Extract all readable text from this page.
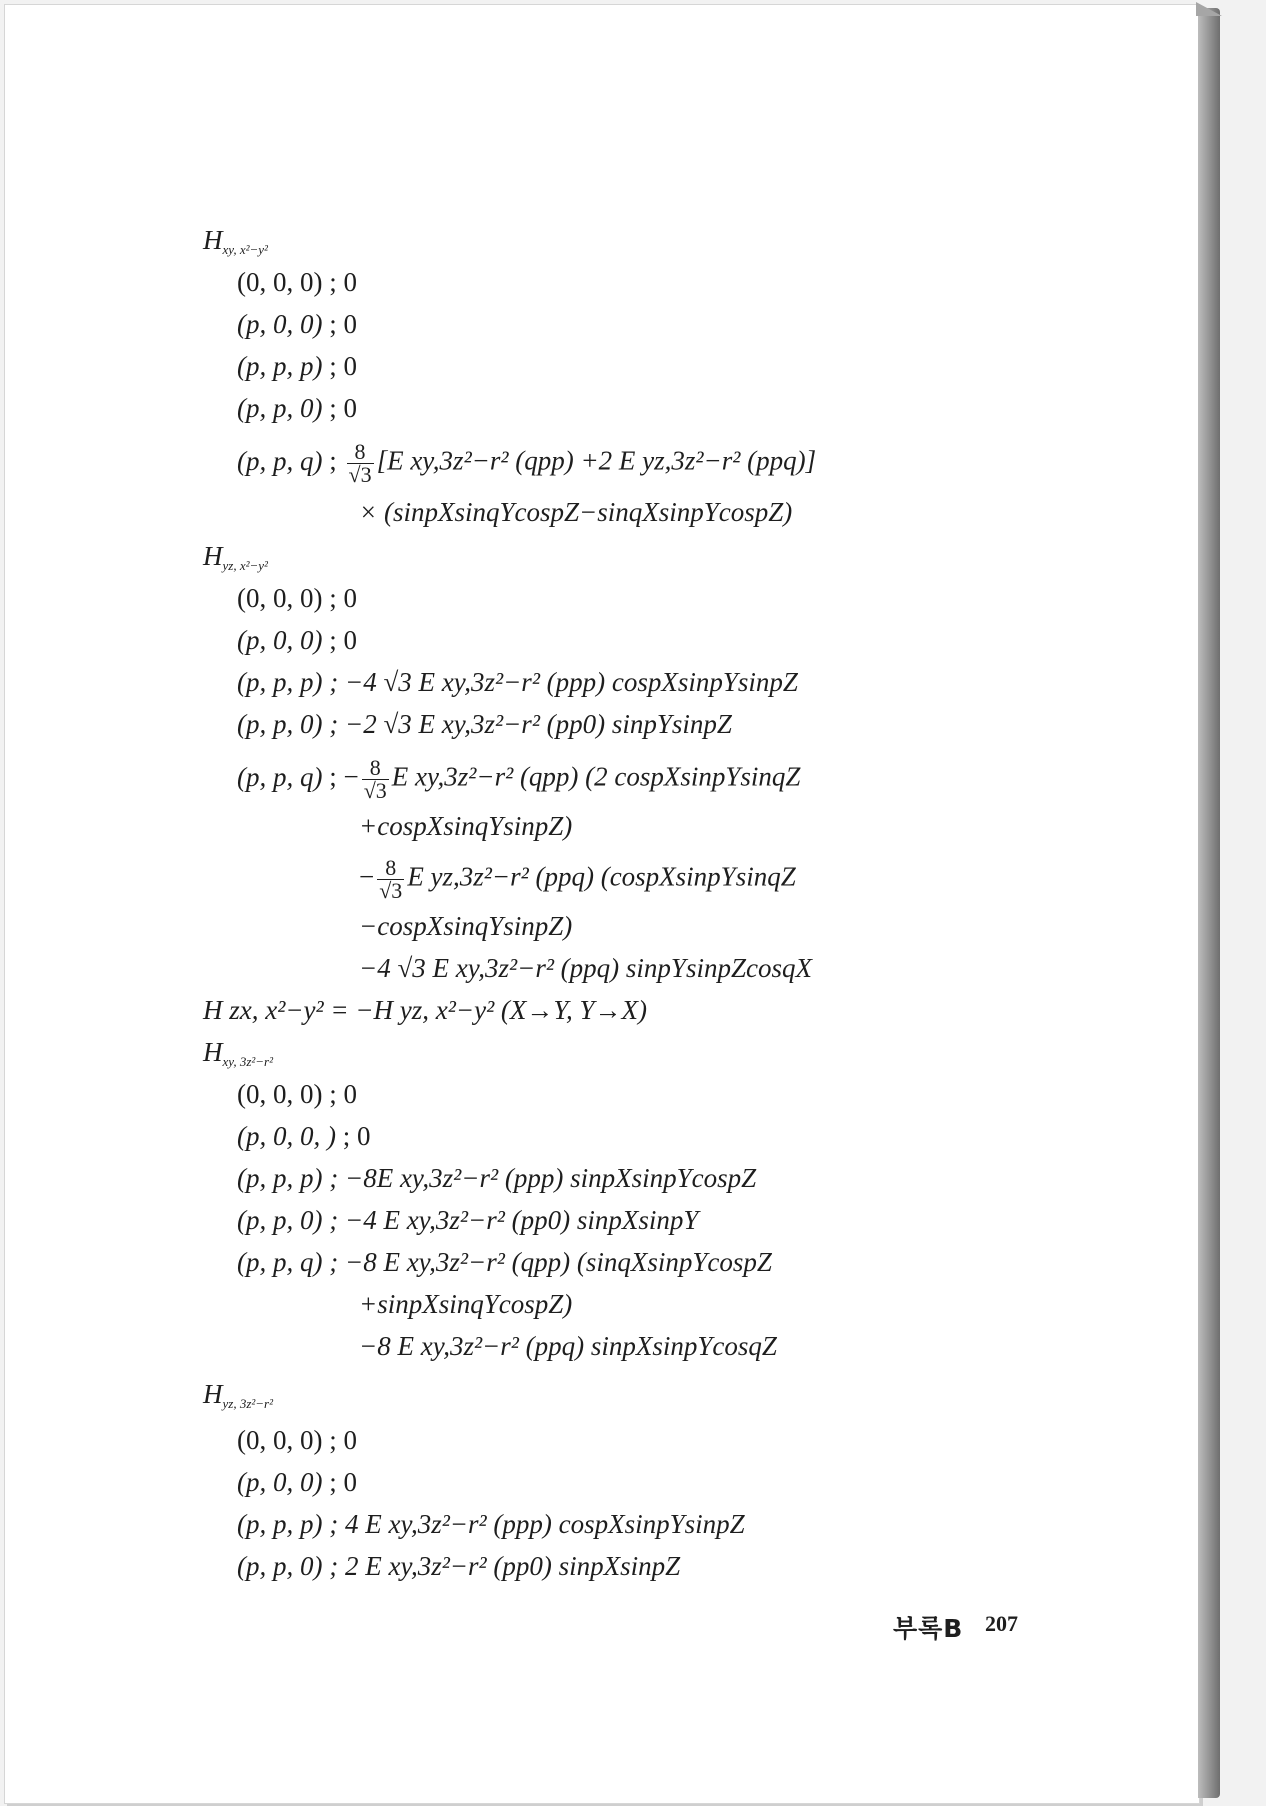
$H_{xy, x^2-y^2}$
(0, 0, 0) ; 0
(p, 0, 0) ; 0
(p, p, p) ; 0
(p, p, 0) ; 0
(p, p, q) ; $\frac{8}{√3} [E$ xy,3z²−r² (qpp) +2 E yz,3z²−r² (ppq)]
× (sinpXsinqYcospZ−sinqXsinpYcospZ)
$H_{yz, x^2-y^2}$
(0, 0, 0) ; 0
(p, 0, 0) ; 0
(p, p, p) ; −4 √3 E xy,3z²−r² (ppp) cospXsinpYsinpZ
(p, p, 0) ; −2 √3 E xy,3z²−r² (pp0) sinpYsinpZ
(p, p, q) ; − $\frac{8}{√3}$ E xy,3z²−r² (qpp) (2 cospXsinpYsinqZ
+cospXsinqYsinpZ)
− $\frac{8}{√3}$ E yz,3z²−r² (ppq) (cospXsinpYsinqZ
−cospXsinqYsinpZ)
−4 √3 E xy,3z²−r² (ppq) sinpYsinpZcosqX
H zx, x²−y² = −H yz, x²−y² (X→Y, Y→X)
$H_{xy, 3z^2-r^2}$
(0, 0, 0) ; 0
(p, 0, 0, ) ; 0
(p, p, p) ; −8E xy,3z²−r² (ppp) sinpXsinpYcospZ
(p, p, 0) ; −4 E xy,3z²−r² (pp0) sinpXsinpY
(p, p, q) ; −8 E xy,3z²−r² (qpp) (sinqXsinpYcospZ
+sinpXsinqYcospZ)
−8 E xy,3z²−r² (ppq) sinpXsinpYcosqZ
$H_{yz, 3z^2-r^2}$
(0, 0, 0) ; 0
(p, 0, 0) ; 0
(p, p, p) ; 4 E xy,3z²−r² (ppp) cospXsinpYsinpZ
(p, p, 0) ; 2 E xy,3z²−r² (pp0) sinpXsinpZ
부록B 207
